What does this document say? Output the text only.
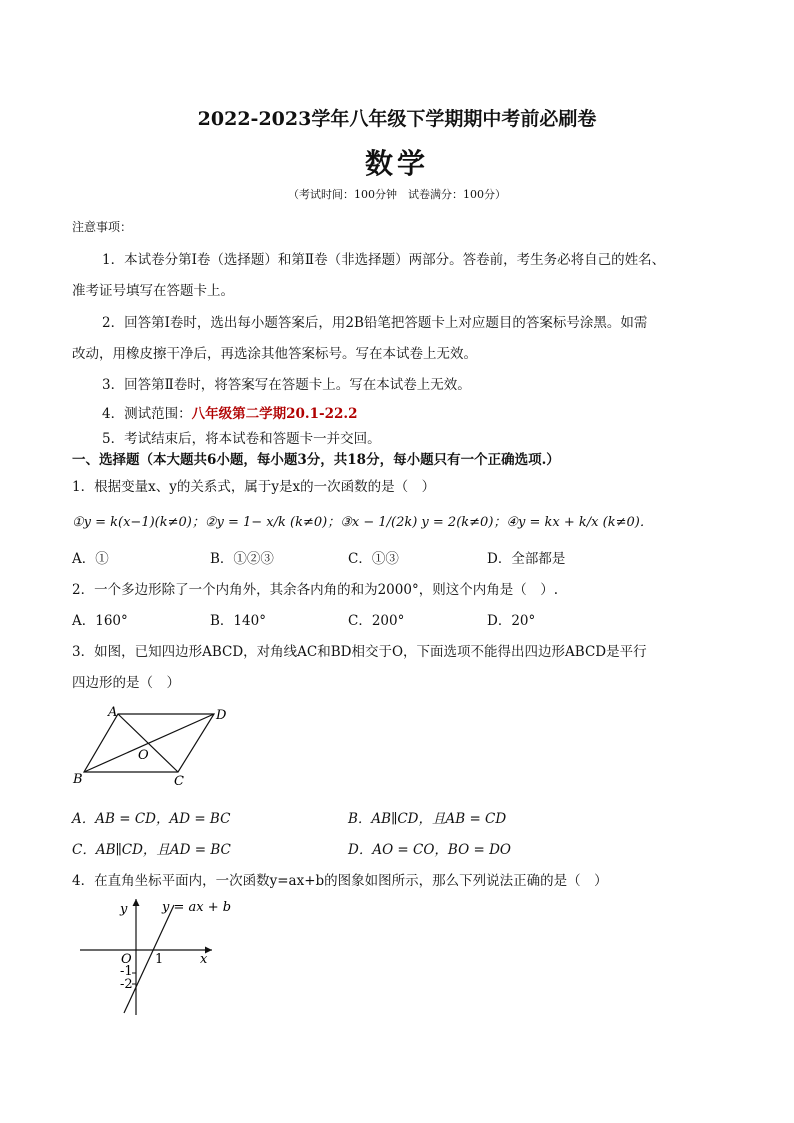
2022-2023学年八年级下学期期中考前必刷卷
数学
（考试时间：100分钟　试卷满分：100分）
注意事项：
1．本试卷分第Ⅰ卷（选择题）和第Ⅱ卷（非选择题）两部分。答卷前，考生务必将自己的姓名、
准考证号填写在答题卡上。
2．回答第Ⅰ卷时，选出每小题答案后，用2B铅笔把答题卡上对应题目的答案标号涂黑。如需
改动，用橡皮擦干净后，再选涂其他答案标号。写在本试卷上无效。
3．回答第Ⅱ卷时，将答案写在答题卡上。写在本试卷上无效。
4．测试范围：八年级第二学期20.1-22.2
5．考试结束后，将本试卷和答题卡一并交回。
一、选择题（本大题共6小题，每小题3分，共18分，每小题只有一个正确选项.）
1．根据变量x、y的关系式，属于y是x的一次函数的是（　）
①y = k(x−1)(k≠0)；②y = 1− x/k (k≠0)；③x − 1/(2k) y = 2(k≠0)；④y = kx + k/x (k≠0)．
A．①	B．①②③	C．①③	D．全部都是
2．一个多边形除了一个内角外，其余各内角的和为2000°，则这个内角是（　）.
A．160°	B．140°	C．200°	D．20°
3．如图，已知四边形ABCD，对角线AC和BD相交于O，下面选项不能得出四边形ABCD是平行
四边形的是（　）
A	D
B	C
O
A．AB = CD，AD = BC	B．AB∥CD，且AB = CD
C．AB∥CD，且AD = BC	D．AO = CO，BO = DO
4．在直角坐标平面内，一次函数y=ax+b的图象如图所示，那么下列说法正确的是（　）
y
x
O 1
-1
-2
y = ax + b
